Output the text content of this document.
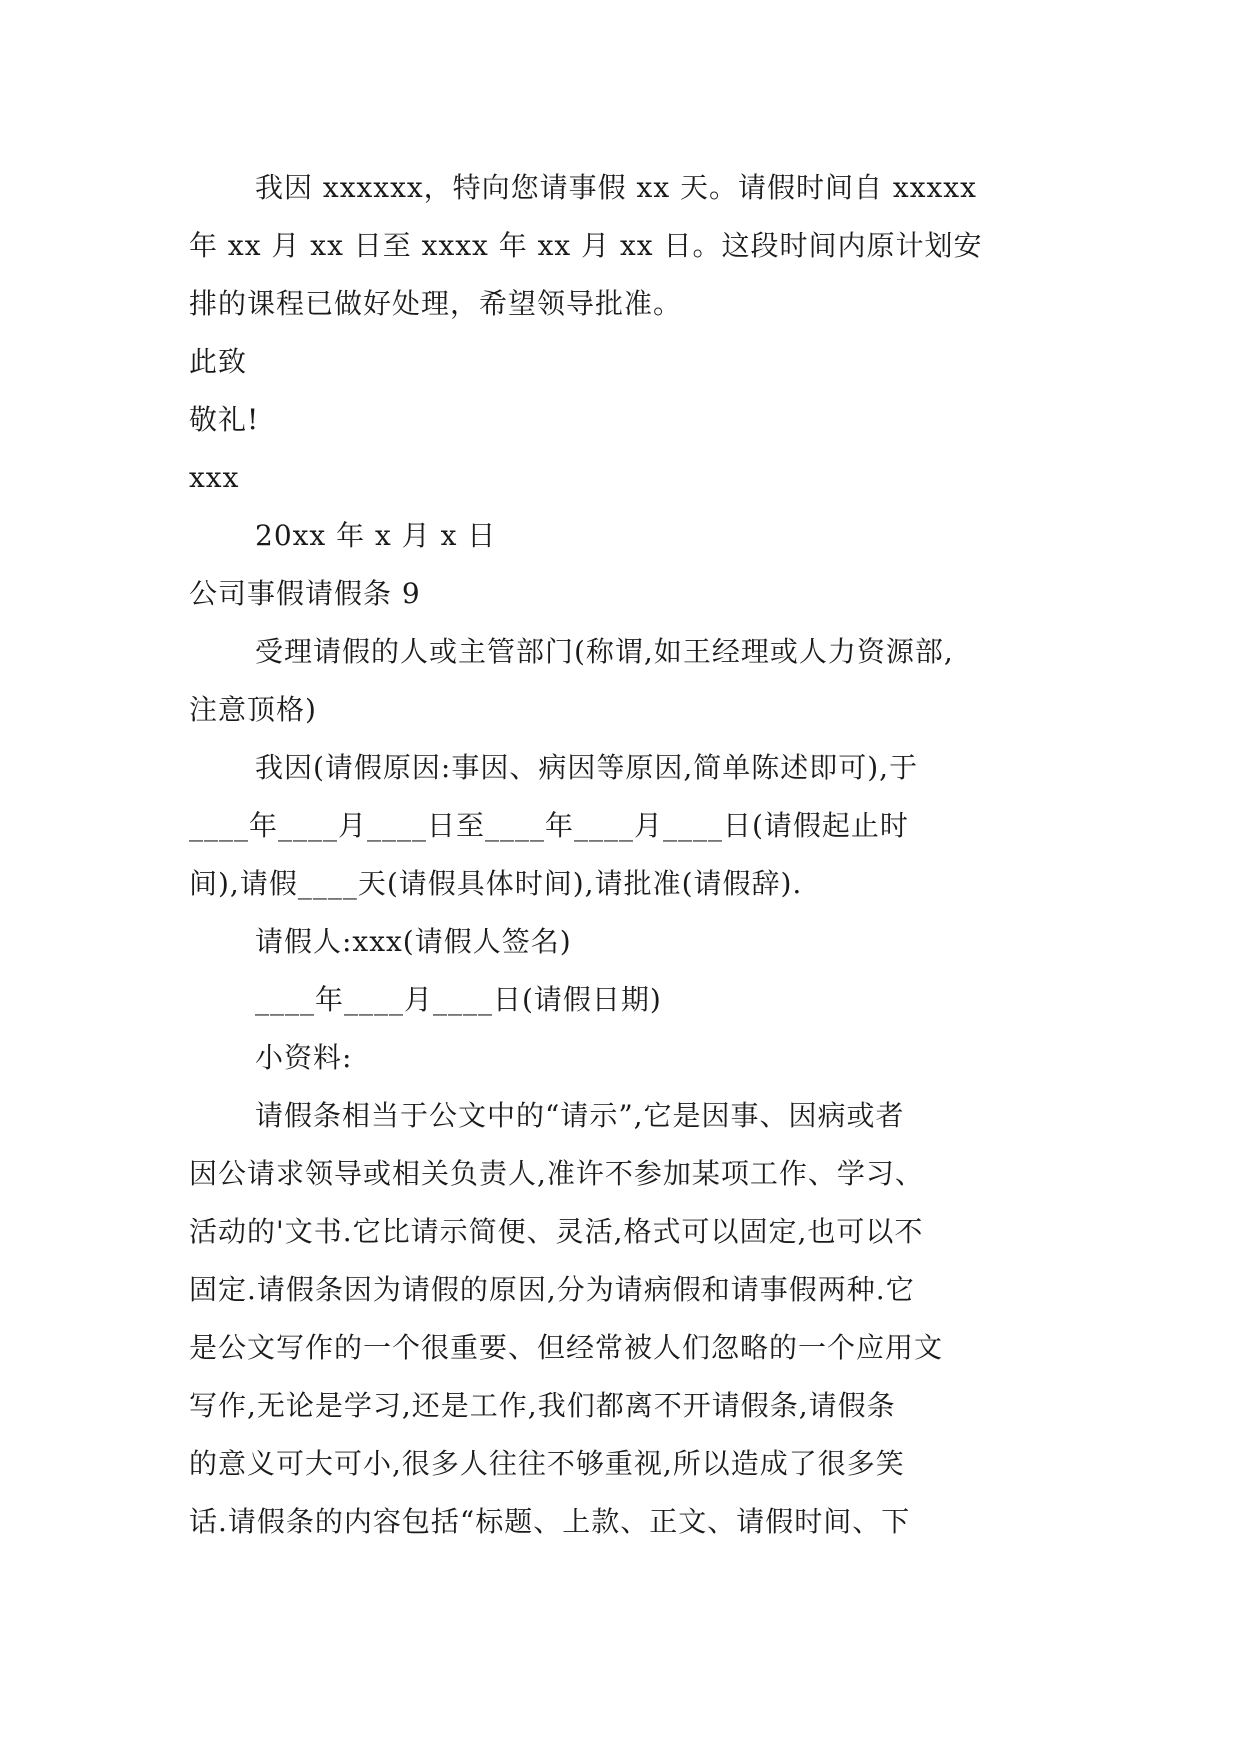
我因 xxxxxx，特向您请事假 xx 天。请假时间自 xxxxx
年 xx 月 xx 日至 xxxx 年 xx 月 xx 日。这段时间内原计划安
排的课程已做好处理，希望领导批准。
此致
敬礼!
xxx
20xx 年 x 月 x 日
公司事假请假条 9
受理请假的人或主管部门(称谓,如王经理或人力资源部,
注意顶格)
我因(请假原因:事因、病因等原因,简单陈述即可),于
____年____月____日至____年____月____日(请假起止时
间),请假____天(请假具体时间),请批准(请假辞).
请假人:xxx(请假人签名)
____年____月____日(请假日期)
小资料:
请假条相当于公文中的“请示”,它是因事、因病或者
因公请求领导或相关负责人,准许不参加某项工作、学习、
活动的'文书.它比请示简便、灵活,格式可以固定,也可以不
固定.请假条因为请假的原因,分为请病假和请事假两种.它
是公文写作的一个很重要、但经常被人们忽略的一个应用文
写作,无论是学习,还是工作,我们都离不开请假条,请假条
的意义可大可小,很多人往往不够重视,所以造成了很多笑
话.请假条的内容包括“标题、上款、正文、请假时间、下
